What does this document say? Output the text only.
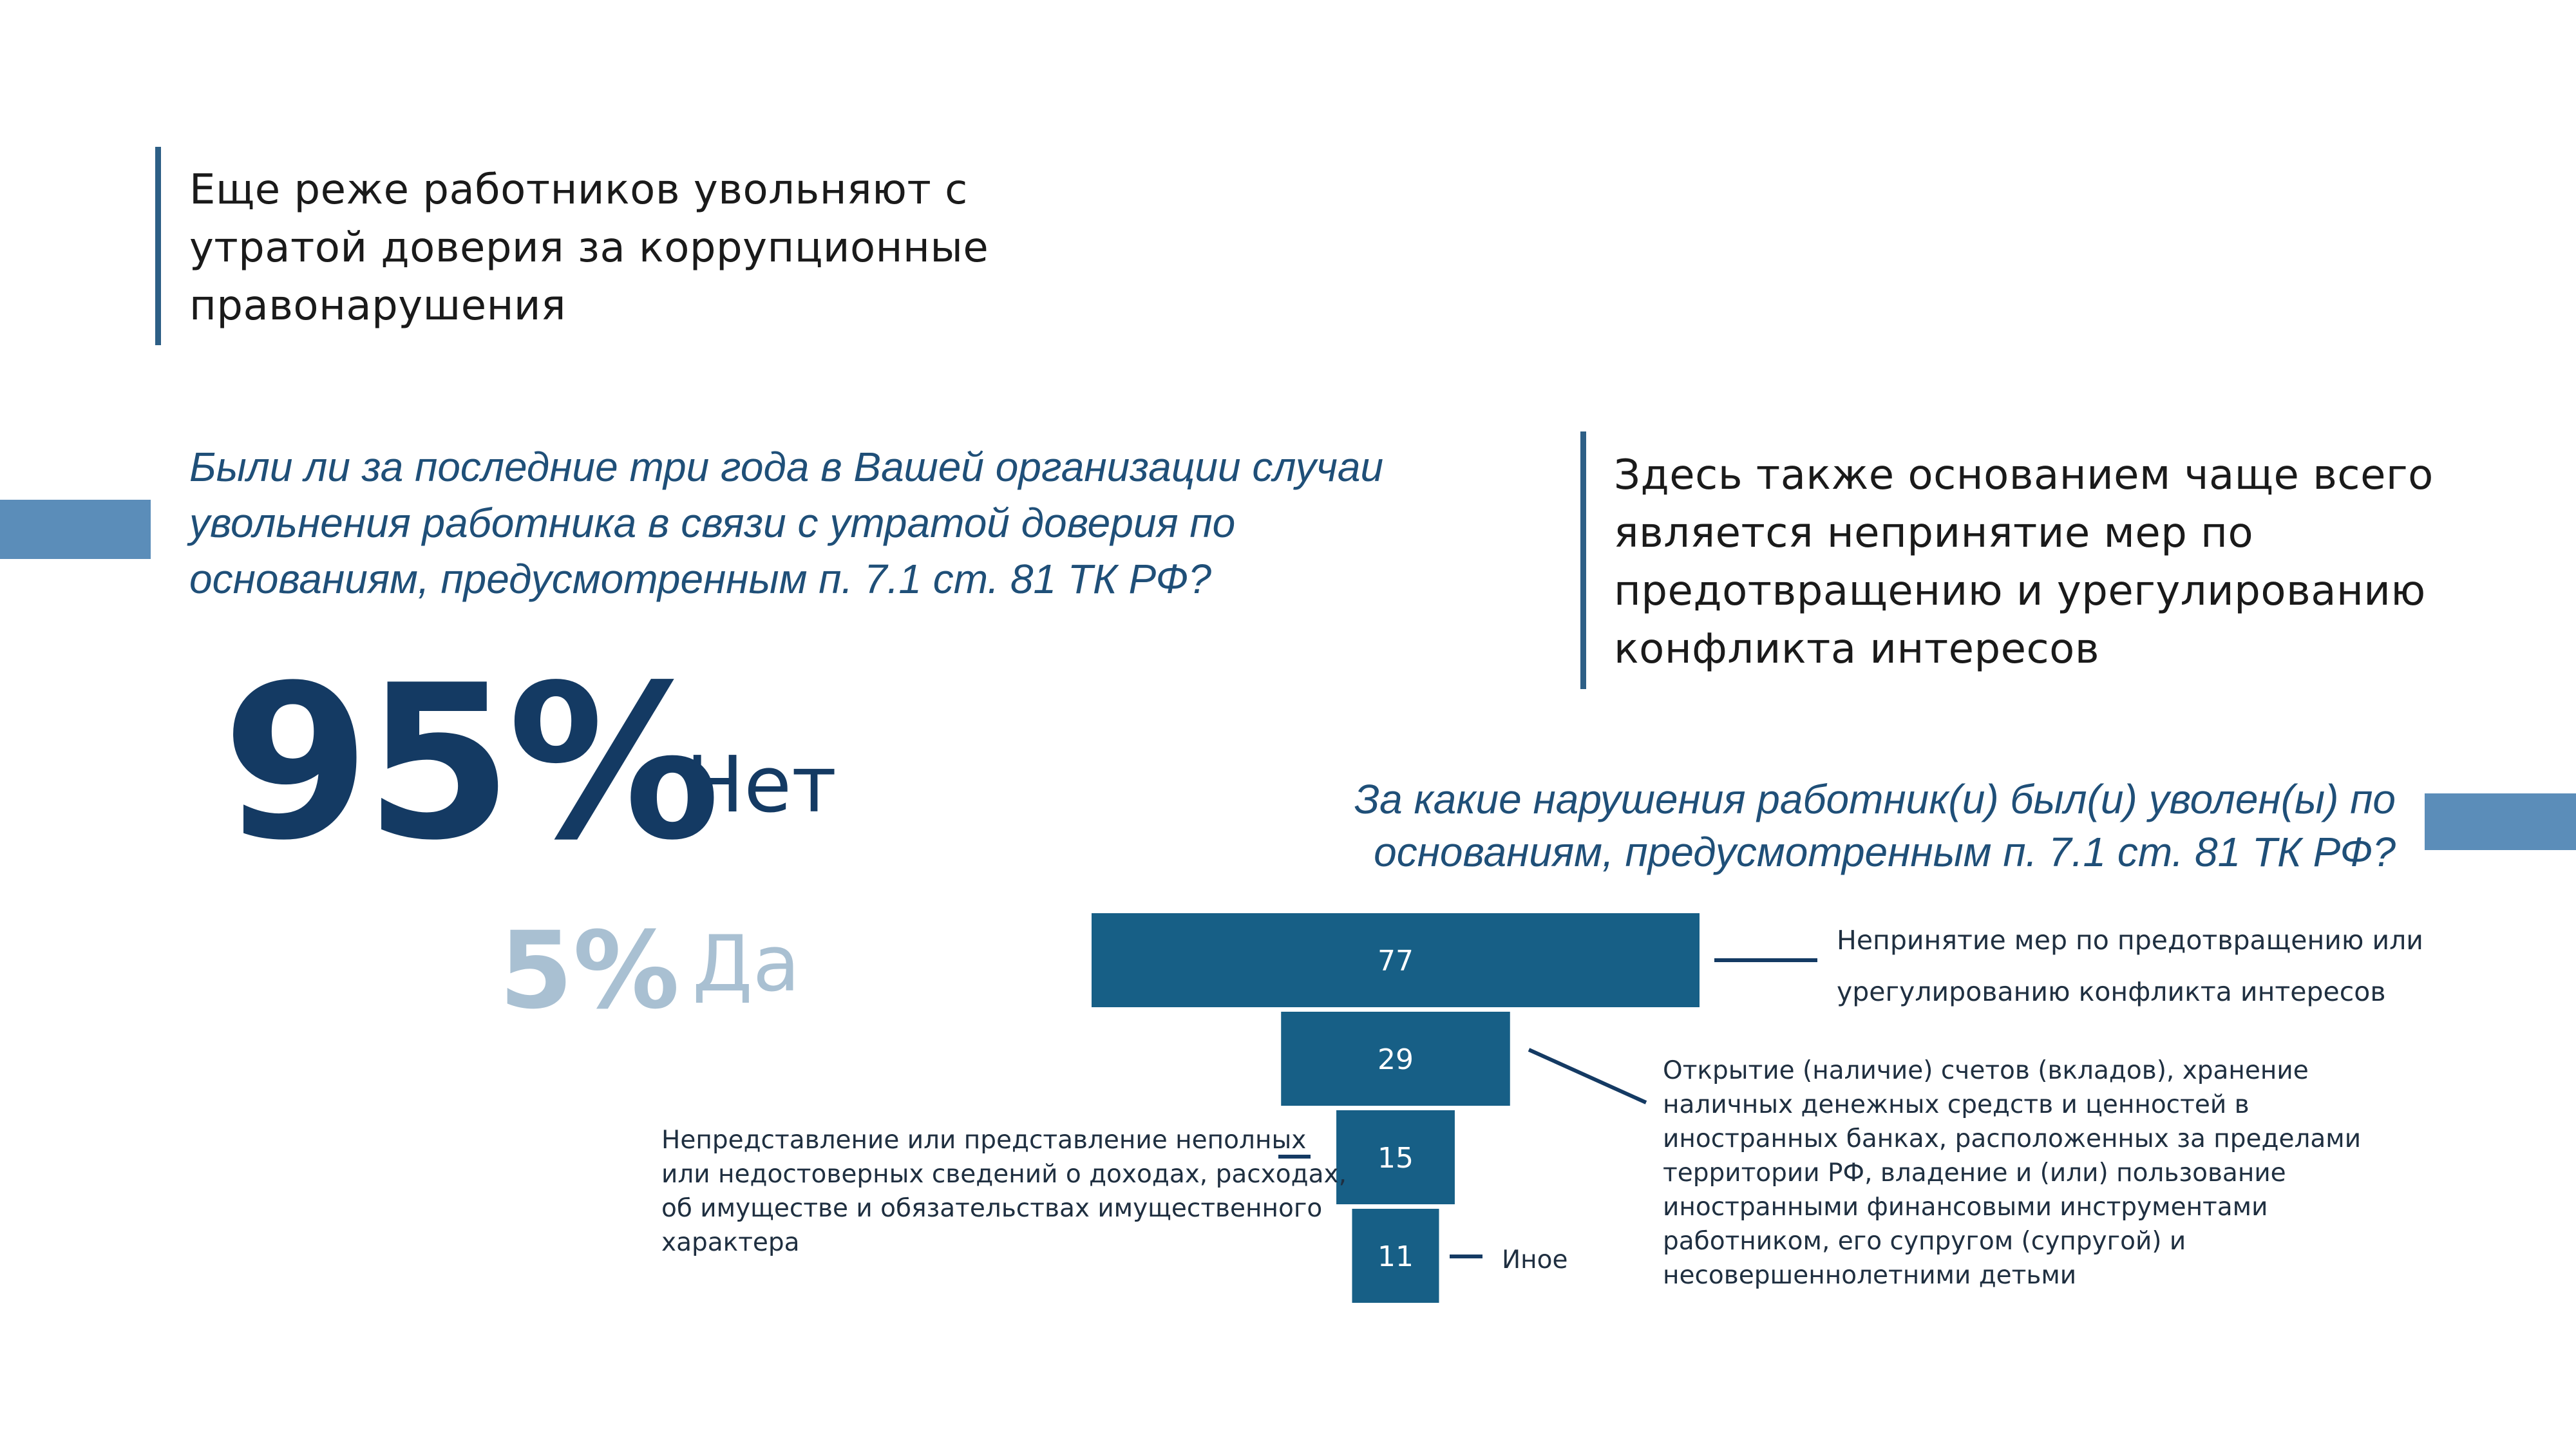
Еще реже работников увольняют с утратой доверия за коррупционные правонарушения
Были ли за последние три года в Вашей организации случаи увольнения работника в связи с утратой доверия по основаниям, предусмотренным п. 7.1 ст. 81 ТК РФ?
95%
Нет
5% Да
Здесь также основанием чаще всего является непринятие мер по предотвращению и урегулированию конфликта интересов
За какие нарушения работник(и) был(и) уволен(ы) по основаниям, предусмотренным п. 7.1 ст. 81 ТК РФ?
77
29
15
11
Непринятие мер по предотвращению или урегулированию конфликта интересов
Открытие (наличие) счетов (вкладов), хранение наличных денежных средств и ценностей в иностранных банках, расположенных за пределами территории РФ, владение и (или) пользование иностранными финансовыми инструментами работником, его супругом (супругой) и несовершеннолетними детьми
Непредставление или представление неполных или недостоверных сведений о доходах, расходах, об имуществе и обязательствах имущественного характера
Иное
